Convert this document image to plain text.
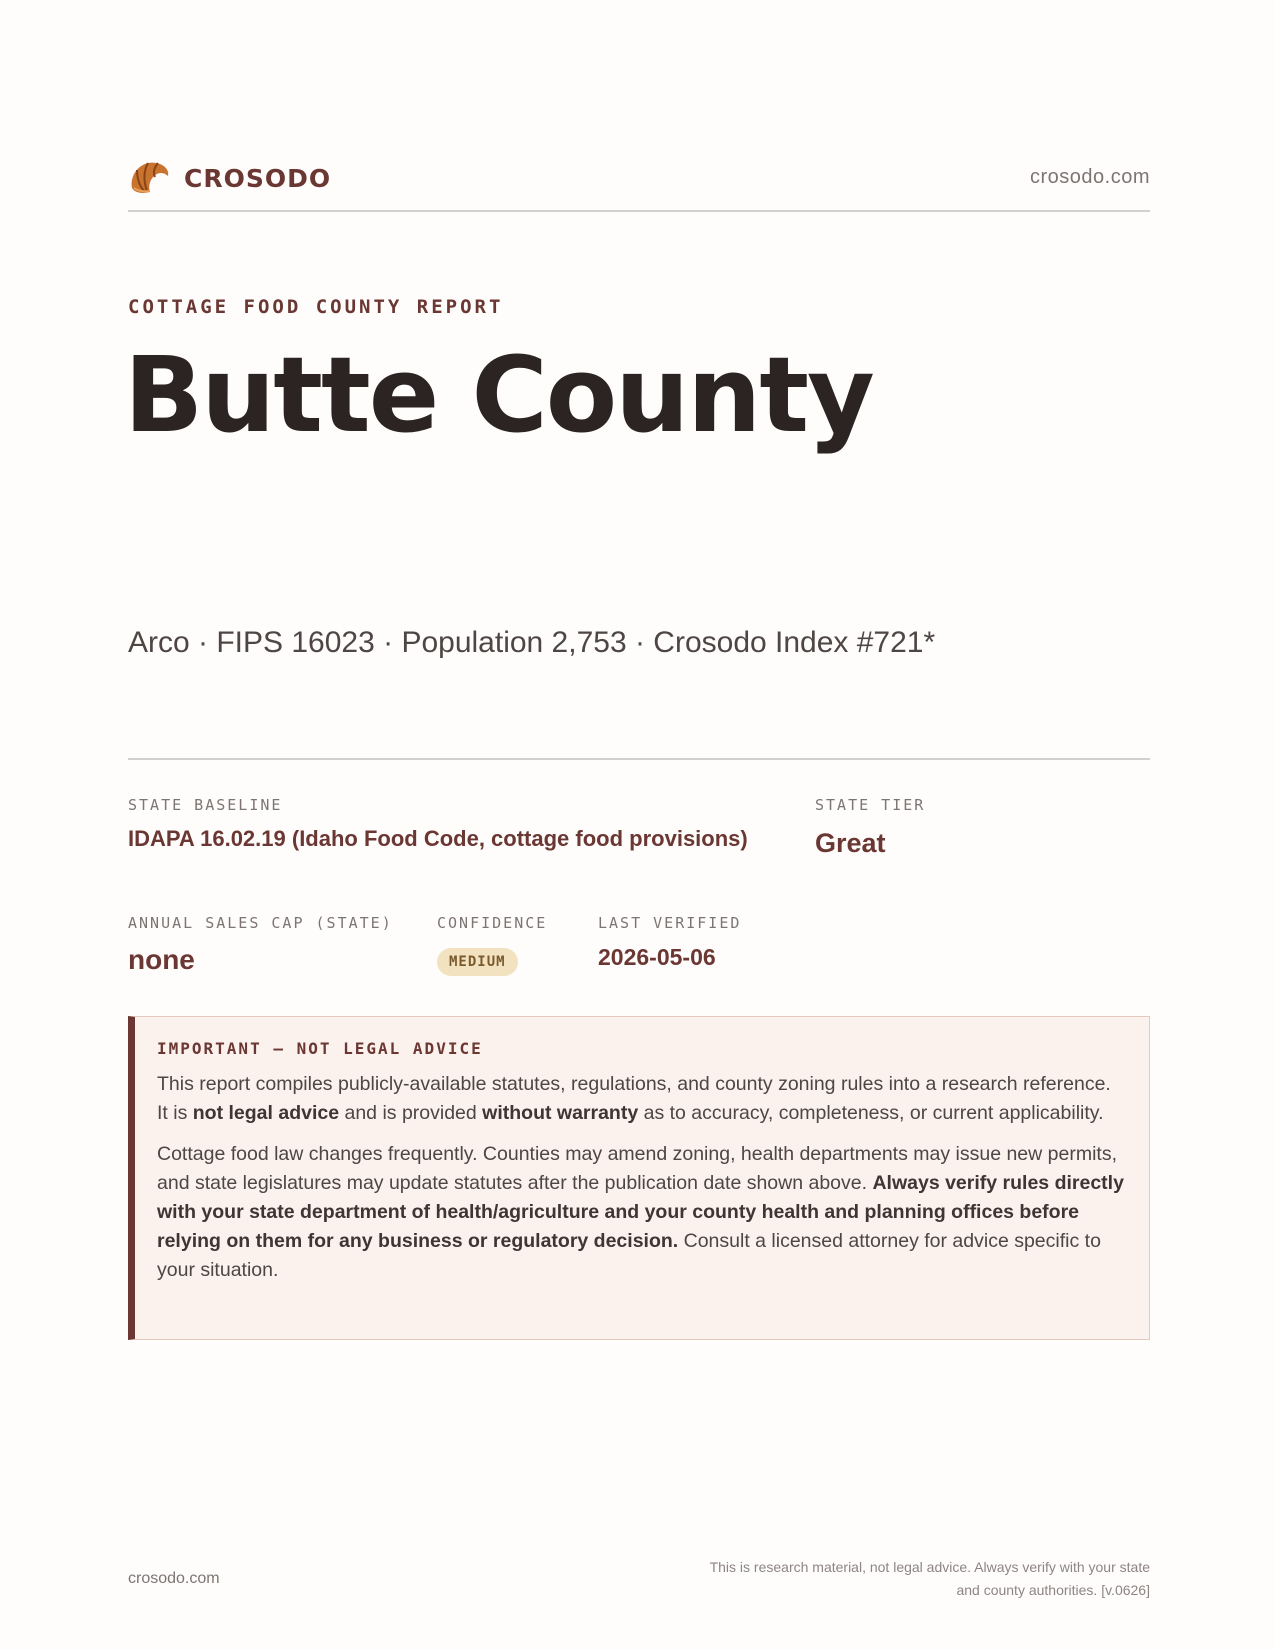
CROSODO	crosodo.com
COTTAGE FOOD COUNTY REPORT
Butte County
Arco · FIPS 16023 · Population 2,753 · Crosodo Index #721*
STATE BASELINE
IDAPA 16.02.19 (Idaho Food Code, cottage food provisions)
STATE TIER
Great
ANNUAL SALES CAP (STATE)
none
CONFIDENCE
MEDIUM
LAST VERIFIED
2026-05-06
IMPORTANT — NOT LEGAL ADVICE

This report compiles publicly-available statutes, regulations, and county zoning rules into a research reference. It is not legal advice and is provided without warranty as to accuracy, completeness, or current applicability.

Cottage food law changes frequently. Counties may amend zoning, health departments may issue new permits, and state legislatures may update statutes after the publication date shown above. Always verify rules directly with your state department of health/agriculture and your county health and planning offices before relying on them for any business or regulatory decision. Consult a licensed attorney for advice specific to your situation.

crosodo.com
This is research material, not legal advice. Always verify with your state
and county authorities. [v.0626]
